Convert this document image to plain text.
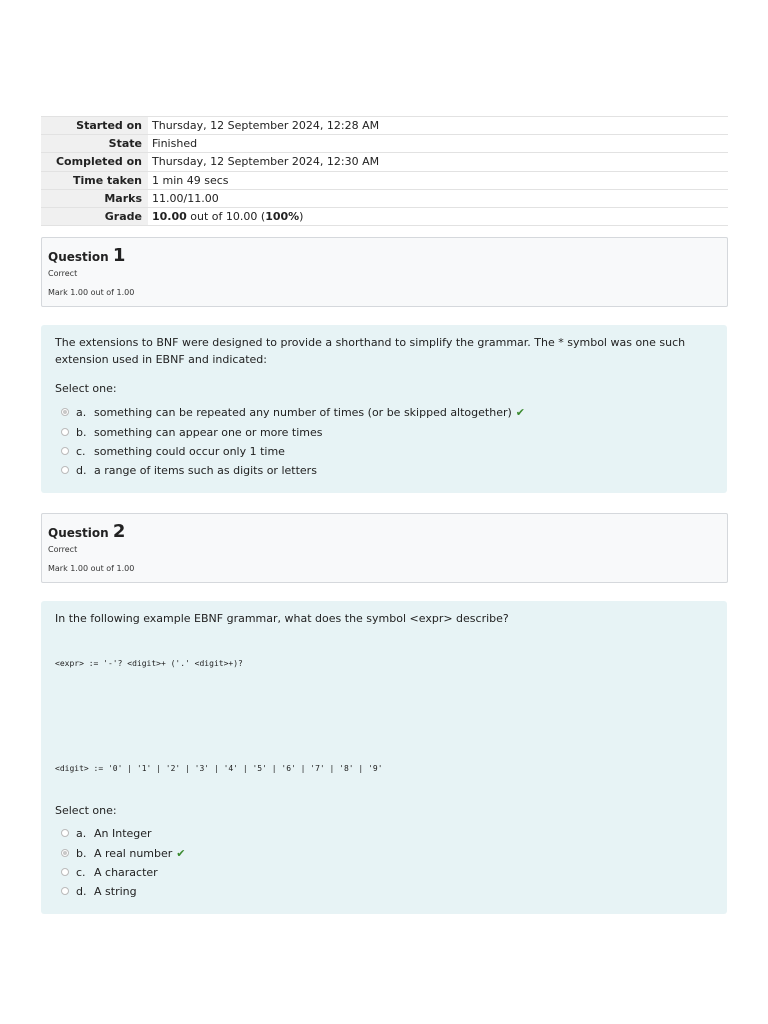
Started on	Thursday, 12 September 2024, 12:28 AM
State	Finished
Completed on	Thursday, 12 September 2024, 12:30 AM
Time taken	1 min 49 secs
Marks	11.00/11.00
Grade	10.00 out of 10.00 (100%)
Question 1
Correct
Mark 1.00 out of 1.00
The extensions to BNF were designed to provide a shorthand to simplify the grammar. The * symbol was one such extension used in EBNF and indicated:
Select one:
a. something can be repeated any number of times (or be skipped altogether) ✔
b. something can appear one or more times
c. something could occur only 1 time
d. a range of items such as digits or letters
Question 2
Correct
Mark 1.00 out of 1.00
In the following example EBNF grammar, what does the symbol <expr> describe?
<expr> := '-'? <digit>+ ('.' <digit>+)?
<digit> := '0' | '1' | '2' | '3' | '4' | '5' | '6' | '7' | '8' | '9'
Select one:
a. An Integer
b. A real number ✔
c. A character
d. A string
